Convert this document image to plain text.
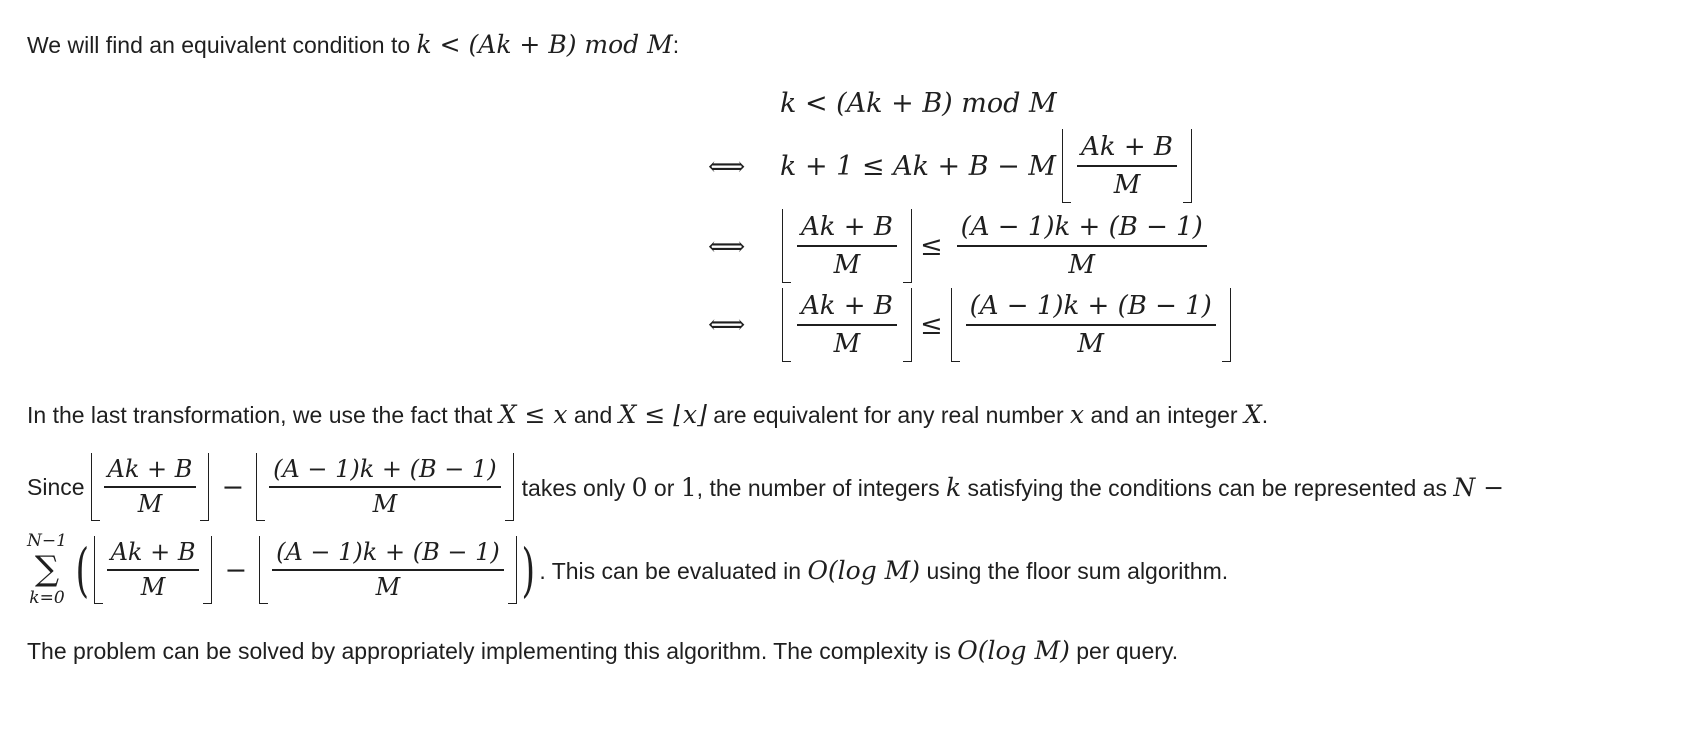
We will find an equivalent condition to k < (Ak + B) mod M:
k < (Ak + B) mod M
⟺ k + 1 ≤ Ak + B − M $\frac{Ak + B}{M}$
⟺ $\frac{Ak + B}{M} \le \frac{(A - 1)k + (B - 1)}{M}$
⟺ $\frac{Ak + B}{M} \le \frac{(A - 1)k + (B - 1)}{M}$
In the last transformation, we use the fact that X ≤ x and X ≤ ⌊x⌋ are equivalent for any real number x and an integer X.
Since $\frac{Ak + B}{M} - \frac{(A - 1)k + (B - 1)}{M}$ takes only 0 or 1, the number of integers k satisfying the conditions can be represented as N −
N−1
∑
k=0 ( $\frac{Ak + B}{M} - \frac{(A - 1)k + (B - 1)}{M}$ ) . This can be evaluated in O(log M) using the floor sum algorithm.
The problem can be solved by appropriately implementing this algorithm. The complexity is O(log M) per query.
